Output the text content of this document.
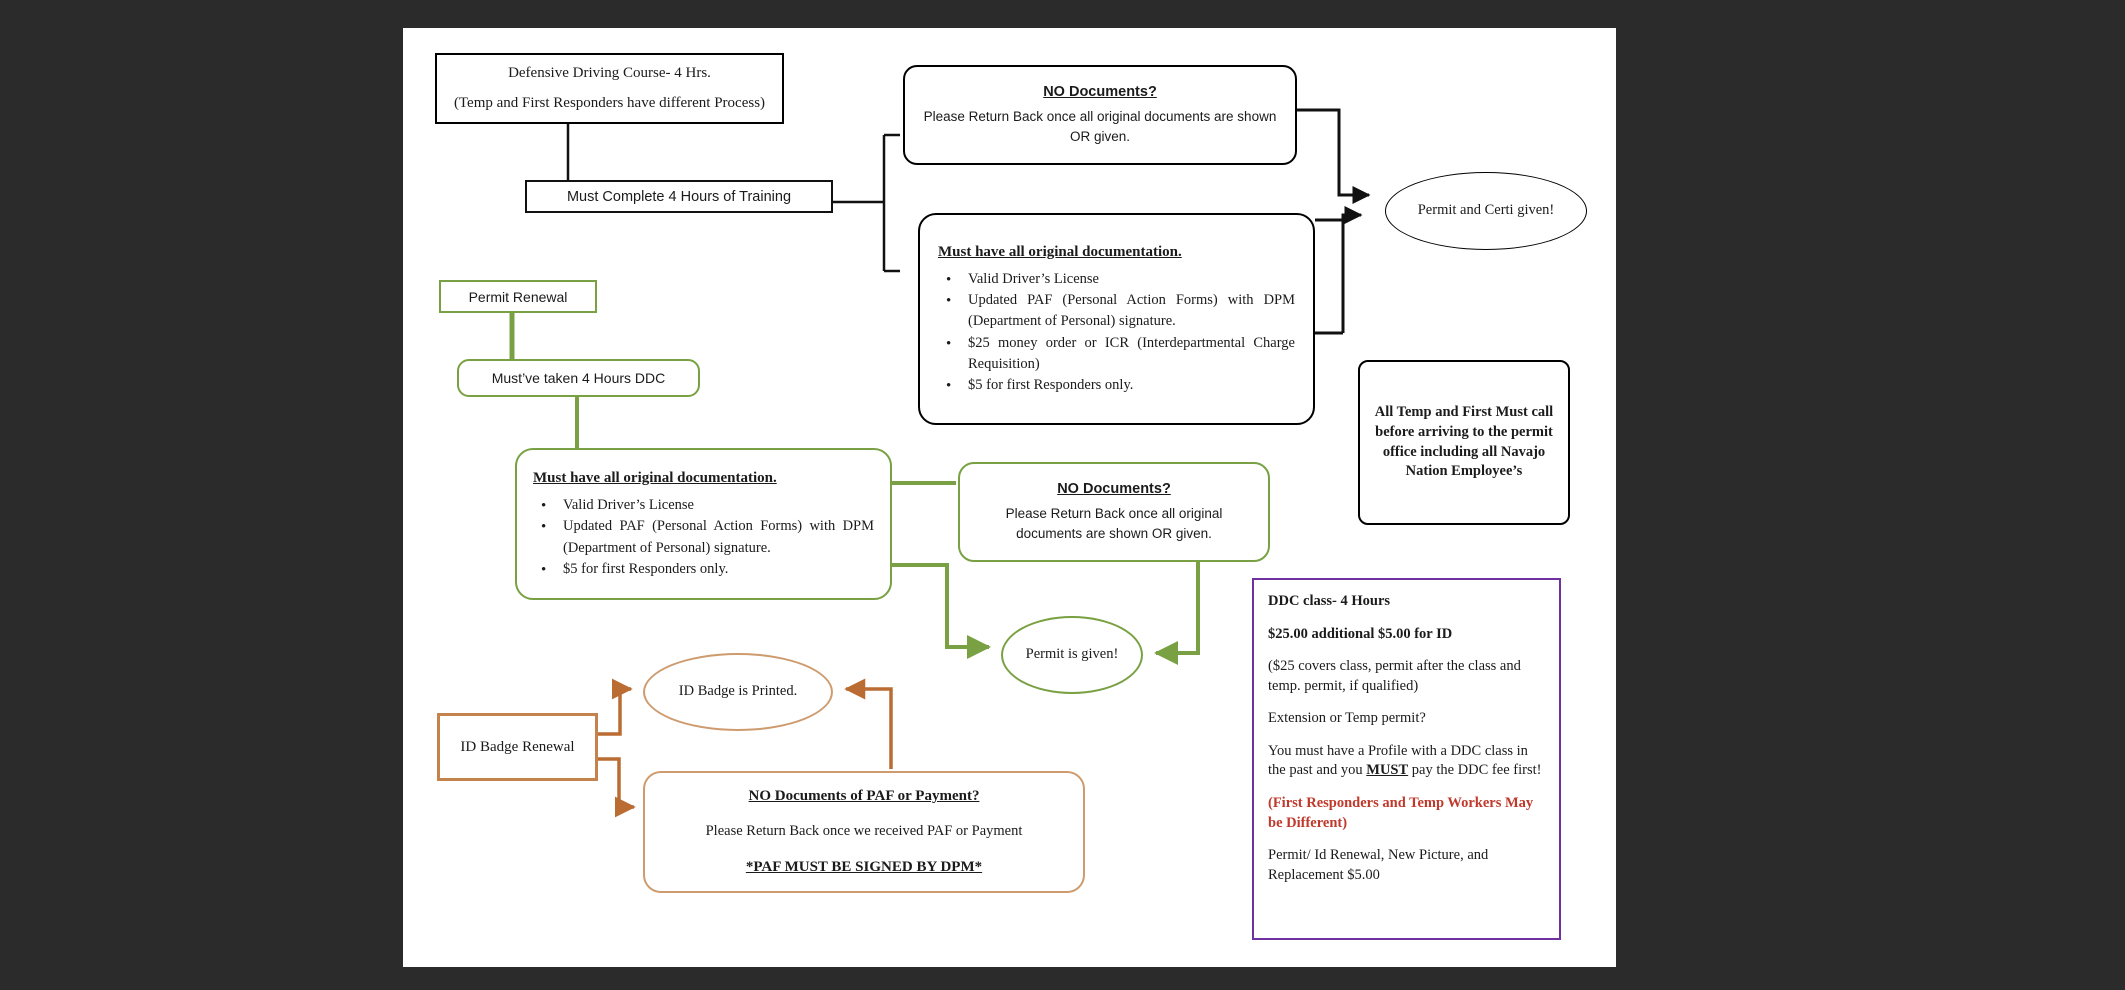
Defensive Driving Course- 4 Hrs.
(Temp and First Responders have different Process)
Must Complete 4 Hours of Training
NO Documents?
Please Return Back once all original documents are shown OR given.
Must have all original documentation.
• Valid Driver’s License
• Updated PAF (Personal Action Forms) with DPM (Department of Personal) signature.
• $25 money order or ICR (Interdepartmental Charge Requisition)
• $5 for first Responders only.
Permit and Certi given!
All Temp and First Must call before arriving to the permit office including all Navajo Nation Employee’s
Permit Renewal
Must’ve taken 4 Hours DDC
Must have all original documentation.
• Valid Driver’s License
• Updated PAF (Personal Action Forms) with DPM (Department of Personal) signature.
• $5 for first Responders only.
NO Documents?
Please Return Back once all original documents are shown OR given.
Permit is given!
ID Badge Renewal
ID Badge is Printed.
NO Documents of PAF or Payment?
Please Return Back once we received PAF or Payment
*PAF MUST BE SIGNED BY DPM*

DDC class- 4 Hours

$25.00 additional $5.00 for ID

($25 covers class, permit after the class and temp. permit, if qualified)

Extension or Temp permit?

You must have a Profile with a DDC class in the past and you MUST pay the DDC fee first!

(First Responders and Temp Workers May be Different)

Permit/ Id Renewal, New Picture, and Replacement $5.00
